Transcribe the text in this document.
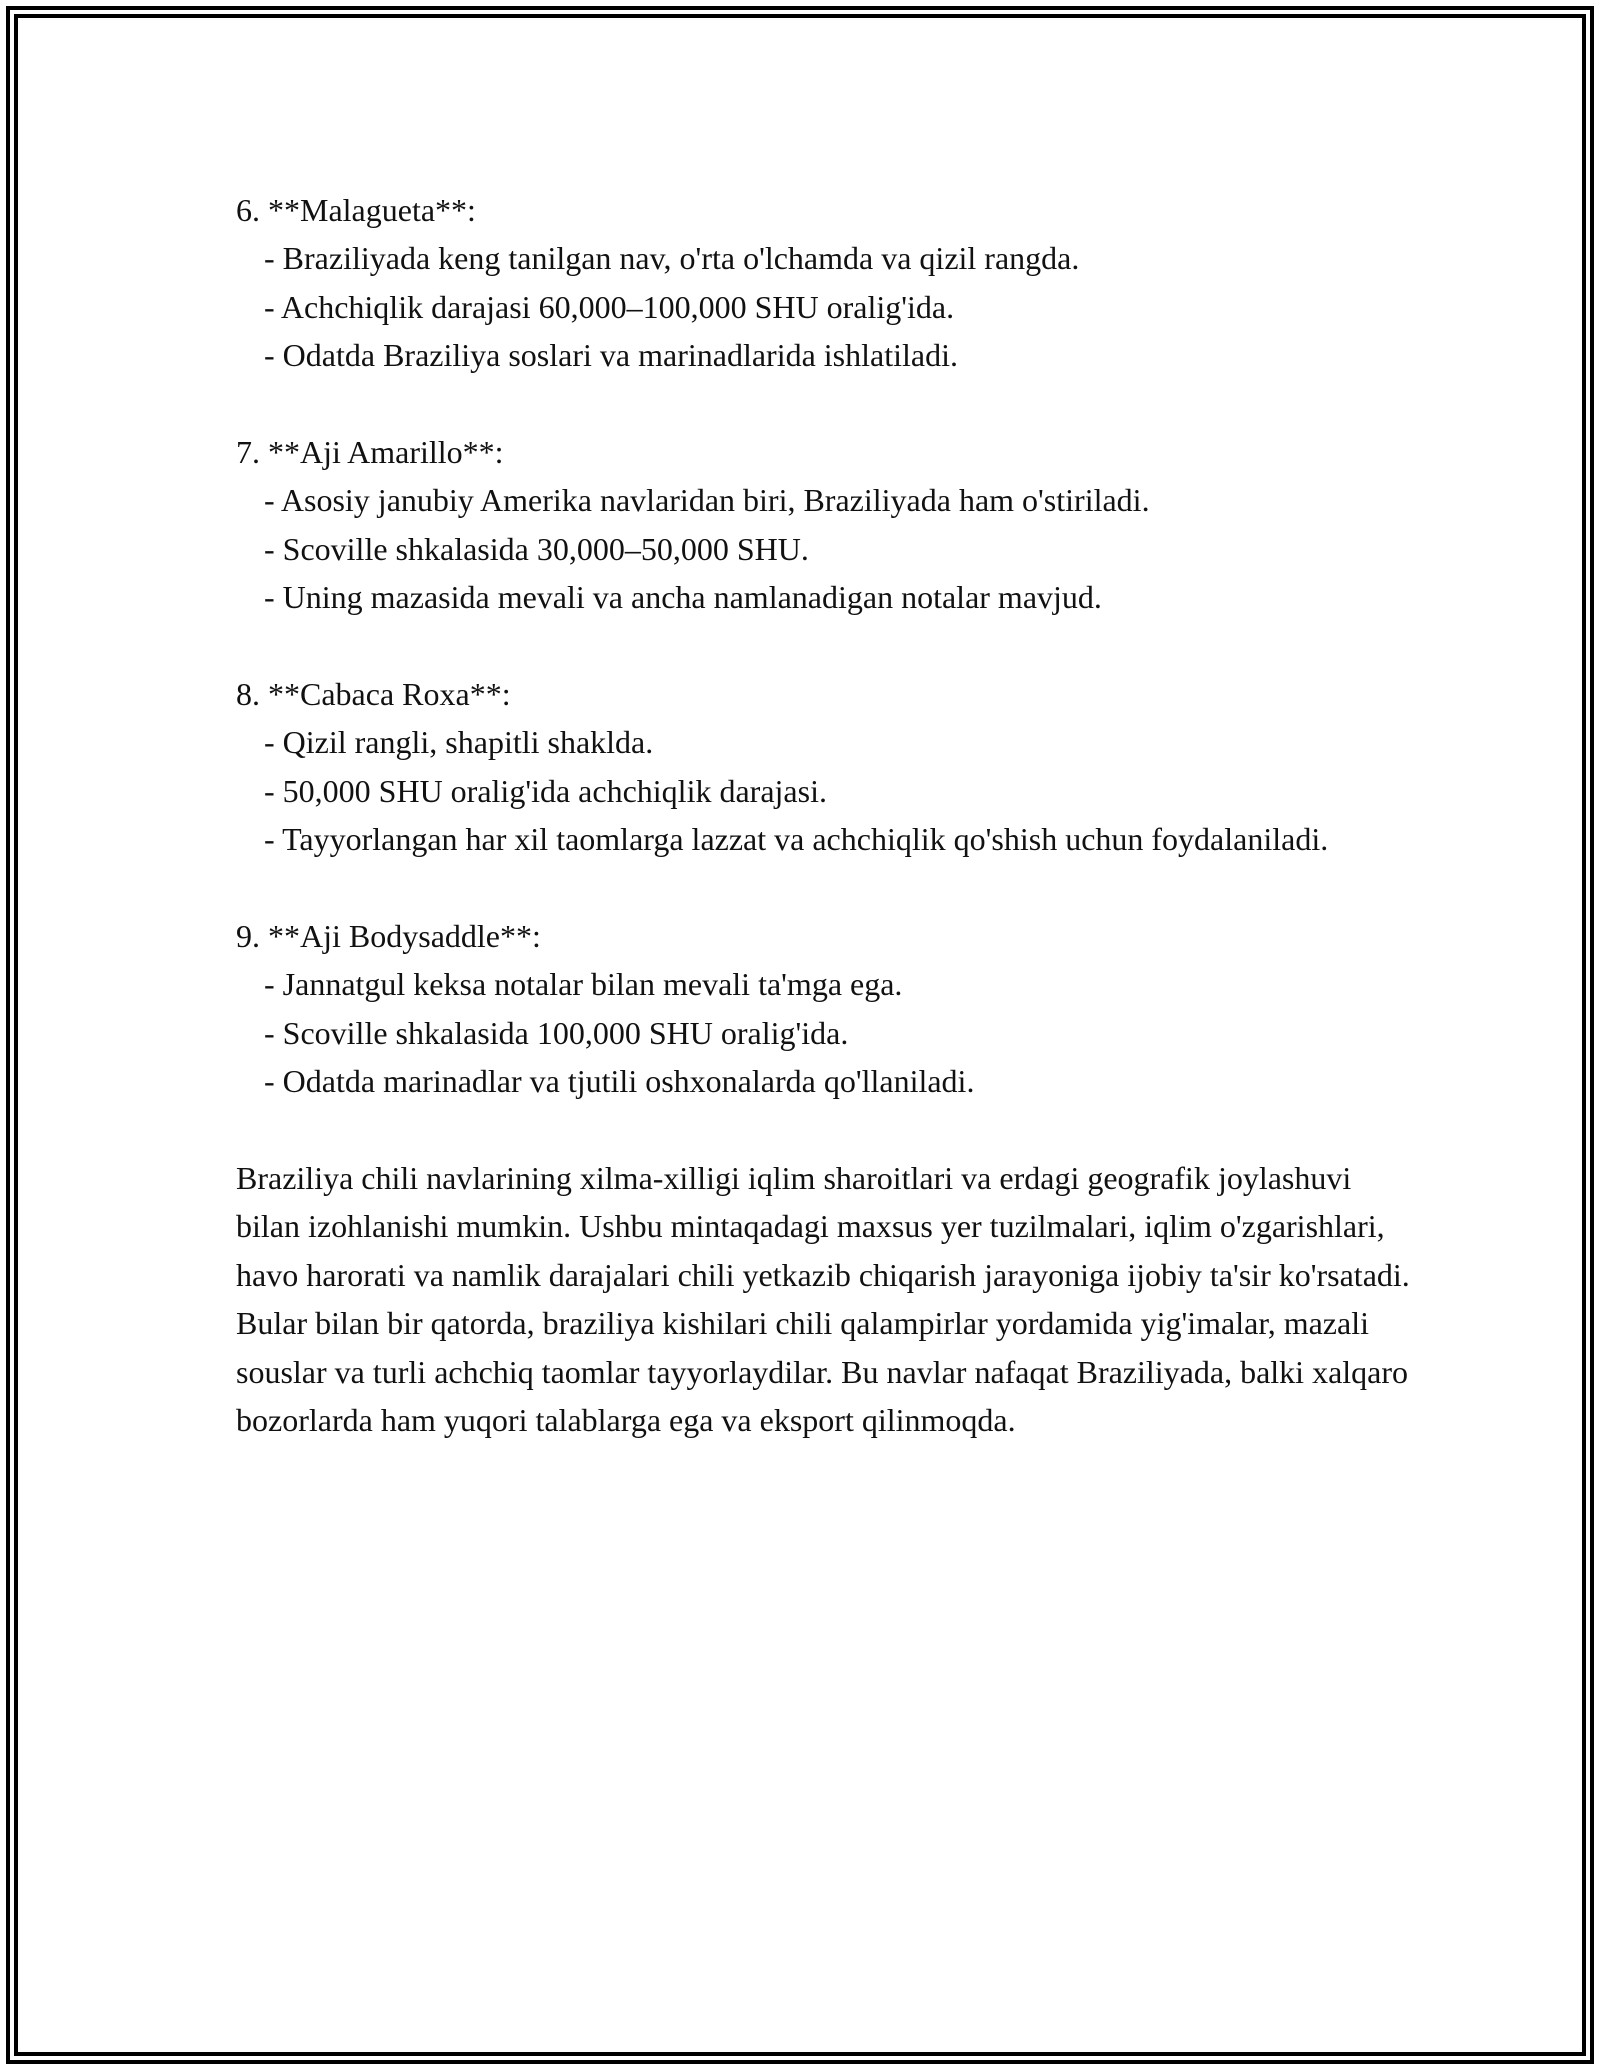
6. **Malagueta**:

- Braziliyada keng tanilgan nav, o'rta o'lchamda va qizil rangda.

- Achchiqlik darajasi 60,000–100,000 SHU oralig'ida.

- Odatda Braziliya soslari va marinadlarida ishlatiladi.

7. **Aji Amarillo**:

- Asosiy janubiy Amerika navlaridan biri, Braziliyada ham o'stiriladi.

- Scoville shkalasida 30,000–50,000 SHU.

- Uning mazasida mevali va ancha namlanadigan notalar mavjud.

8. **Cabaca Roxa**:

- Qizil rangli, shapitli shaklda.

- 50,000 SHU oralig'ida achchiqlik darajasi.

- Tayyorlangan har xil taomlarga lazzat va achchiqlik qo'shish uchun foydalaniladi.

9. **Aji Bodysaddle**:

- Jannatgul keksa notalar bilan mevali ta'mga ega.

- Scoville shkalasida 100,000 SHU oralig'ida.

- Odatda marinadlar va tjutili oshxonalarda qo'llaniladi.

Braziliya chili navlarining xilma-xilligi iqlim sharoitlari va erdagi geografik joylashuvi bilan izohlanishi mumkin. Ushbu mintaqadagi maxsus yer tuzilmalari, iqlim o'zgarishlari, havo harorati va namlik darajalari chili yetkazib chiqarish jarayoniga ijobiy ta'sir ko'rsatadi. Bular bilan bir qatorda, braziliya kishilari chili qalampirlar yordamida yig'imalar, mazali souslar va turli achchiq taomlar tayyorlaydilar. Bu navlar nafaqat Braziliyada, balki xalqaro bozorlarda ham yuqori talablarga ega va eksport qilinmoqda.
